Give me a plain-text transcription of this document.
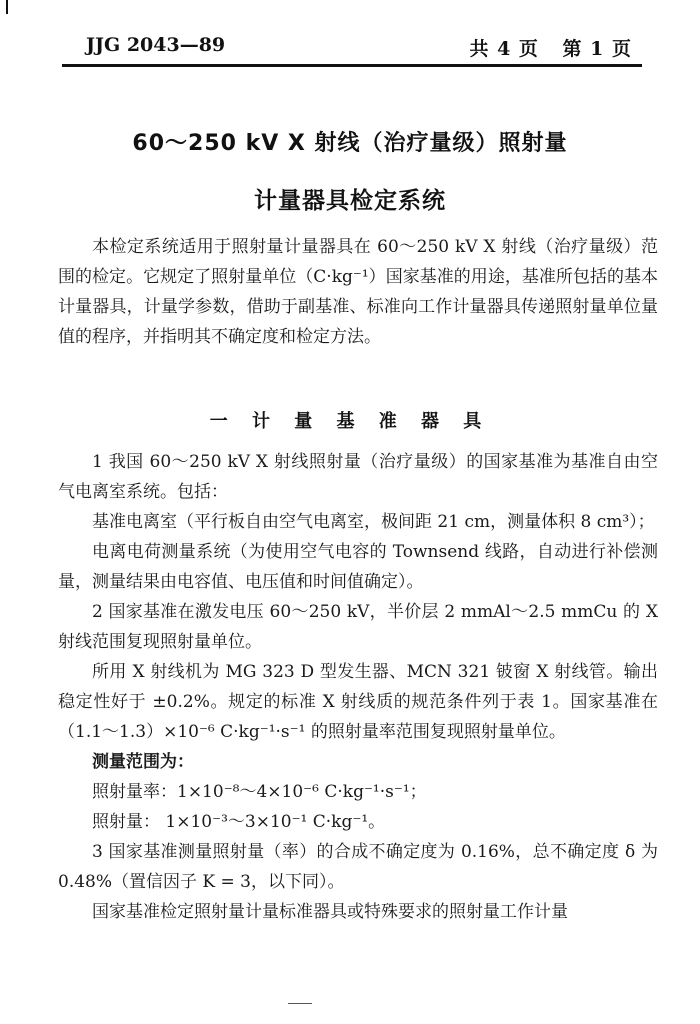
JJG 2043—89	共 4 页 第 1 页
60～250 kV X 射线（治疗量级）照射量
计量器具检定系统

本检定系统适用于照射量计量器具在 60～250 kV X 射线（治疗量级）范围的检定。它规定了照射量单位（C·kg⁻¹）国家基准的用途，基准所包括的基本计量器具，计量学参数，借助于副基准、标准向工作计量器具传递照射量单位量值的程序，并指明其不确定度和检定方法。

一 计 量 基 准 器 具

1 我国 60～250 kV X 射线照射量（治疗量级）的国家基准为基准自由空气电离室系统。包括：

基准电离室（平行板自由空气电离室，极间距 21 cm，测量体积 8 cm³）；

电离电荷测量系统（为使用空气电容的 Townsend 线路，自动进行补偿测量，测量结果由电容值、电压值和时间值确定）。

2 国家基准在激发电压 60～250 kV，半价层 2 mmAl～2.5 mmCu 的 X 射线范围复现照射量单位。

所用 X 射线机为 MG 323 D 型发生器、MCN 321 铍窗 X 射线管。输出稳定性好于 ±0.2%。规定的标准 X 射线质的规范条件列于表 1。国家基准在（1.1～1.3）×10⁻⁶ C·kg⁻¹·s⁻¹ 的照射量率范围复现照射量单位。

测量范围为：

照射量率：1×10⁻⁸～4×10⁻⁶ C·kg⁻¹·s⁻¹；

照射量： 1×10⁻³～3×10⁻¹ C·kg⁻¹。

3 国家基准测量照射量（率）的合成不确定度为 0.16%，总不确定度 δ 为 0.48%（置信因子 K = 3，以下同）。

国家基准检定照射量计量标准器具或特殊要求的照射量工作计量
